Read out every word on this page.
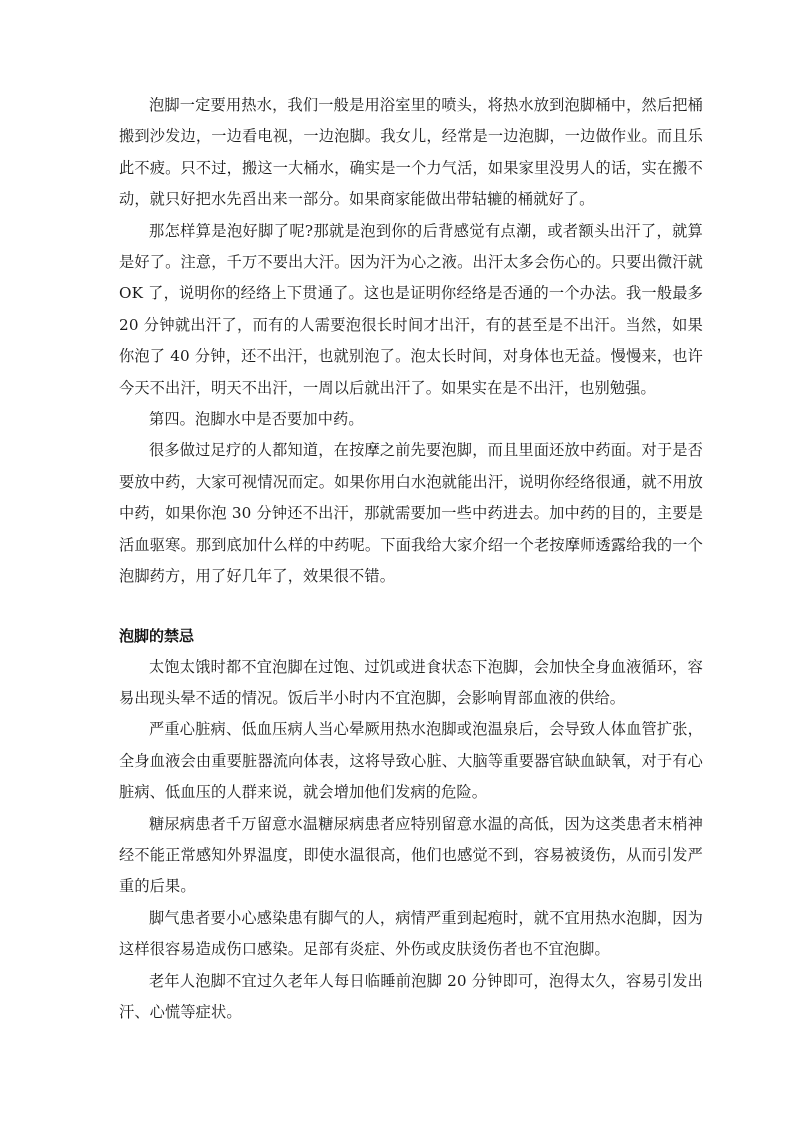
泡脚一定要用热水，我们一般是用浴室里的喷头，将热水放到泡脚桶中，然后把桶搬到沙发边，一边看电视，一边泡脚。我女儿，经常是一边泡脚，一边做作业。而且乐此不疲。只不过，搬这一大桶水，确实是一个力气活，如果家里没男人的话，实在搬不动，就只好把水先舀出来一部分。如果商家能做出带轱辘的桶就好了。

那怎样算是泡好脚了呢?那就是泡到你的后背感觉有点潮，或者额头出汗了，就算是好了。注意，千万不要出大汗。因为汗为心之液。出汗太多会伤心的。只要出微汗就 OK 了，说明你的经络上下贯通了。这也是证明你经络是否通的一个办法。我一般最多 20 分钟就出汗了，而有的人需要泡很长时间才出汗，有的甚至是不出汗。当然，如果你泡了 40 分钟，还不出汗，也就别泡了。泡太长时间，对身体也无益。慢慢来，也许今天不出汗，明天不出汗，一周以后就出汗了。如果实在是不出汗，也别勉强。

第四。泡脚水中是否要加中药。

很多做过足疗的人都知道，在按摩之前先要泡脚，而且里面还放中药面。对于是否要放中药，大家可视情况而定。如果你用白水泡就能出汗，说明你经络很通，就不用放中药，如果你泡 30 分钟还不出汗，那就需要加一些中药进去。加中药的目的，主要是活血驱寒。那到底加什么样的中药呢。下面我给大家介绍一个老按摩师透露给我的一个泡脚药方，用了好几年了，效果很不错。

泡脚的禁忌

太饱太饿时都不宜泡脚在过饱、过饥或进食状态下泡脚，会加快全身血液循环，容易出现头晕不适的情况。饭后半小时内不宜泡脚，会影响胃部血液的供给。

严重心脏病、低血压病人当心晕厥用热水泡脚或泡温泉后，会导致人体血管扩张，全身血液会由重要脏器流向体表，这将导致心脏、大脑等重要器官缺血缺氧，对于有心脏病、低血压的人群来说，就会增加他们发病的危险。

糖尿病患者千万留意水温糖尿病患者应特别留意水温的高低，因为这类患者末梢神经不能正常感知外界温度，即使水温很高，他们也感觉不到，容易被烫伤，从而引发严重的后果。

脚气患者要小心感染患有脚气的人，病情严重到起疱时，就不宜用热水泡脚，因为这样很容易造成伤口感染。足部有炎症、外伤或皮肤烫伤者也不宜泡脚。

老年人泡脚不宜过久老年人每日临睡前泡脚 20 分钟即可，泡得太久，容易引发出汗、心慌等症状。
